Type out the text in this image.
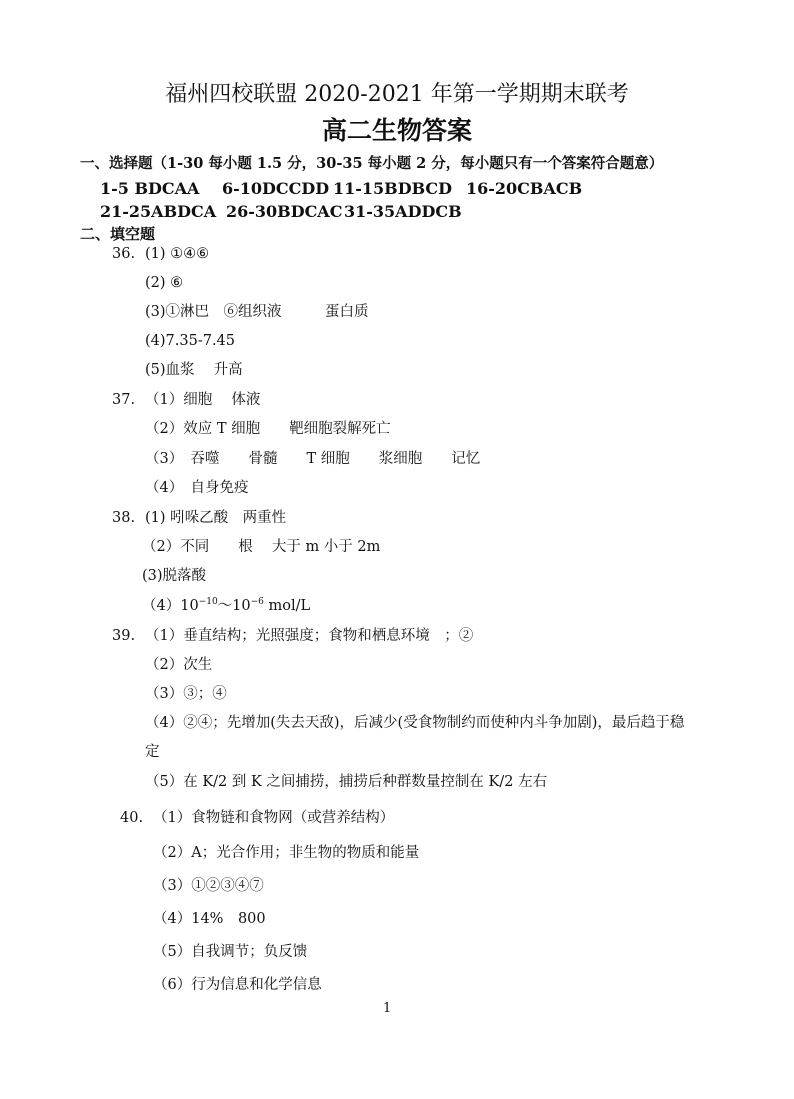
福州四校联盟 2020-2021 年第一学期期末联考
高二生物答案
一、选择题（1-30 每小题 1.5 分，30-35 每小题 2 分，每小题只有一个答案符合题意）
1-5 BDCAA 6-10DCCDD 11-15BDBCD 16-20CBACB
21-25ABDCA 26-30BDCAC 31-35ADDCB
二、填空题
36. (1) ①④⑥
(2) ⑥
(3)①淋巴　⑥组织液　　　蛋白质
(4)7.35-7.45
(5)血浆　 升高
37. （1）细胞　 体液
（2）效应 T 细胞　　靶细胞裂解死亡
（3）　吞噬　　骨髓　　T 细胞　　浆细胞　　记忆
（4）　自身免疫
38. (1) 吲哚乙酸　两重性
（2）不同　　根　 大于 m 小于 2m
(3)脱落酸
$(4)10^{-10}\sim 10^{-6}$ mol/L
39. （1）垂直结构；光照强度；食物和栖息环境　；②
（2）次生
（3）③；④
（4）②④；先增加(失去天敌)，后减少(受食物制约而使种内斗争加剧)，最后趋于稳
定
（5）在 K/2 到 K 之间捕捞，捕捞后种群数量控制在 K/2 左右
40. （1）食物链和食物网（或营养结构）
（2）A；光合作用；非生物的物质和能量
（3）①②③④⑦
（4）14%　800
（5）自我调节；负反馈
（6）行为信息和化学信息
1
